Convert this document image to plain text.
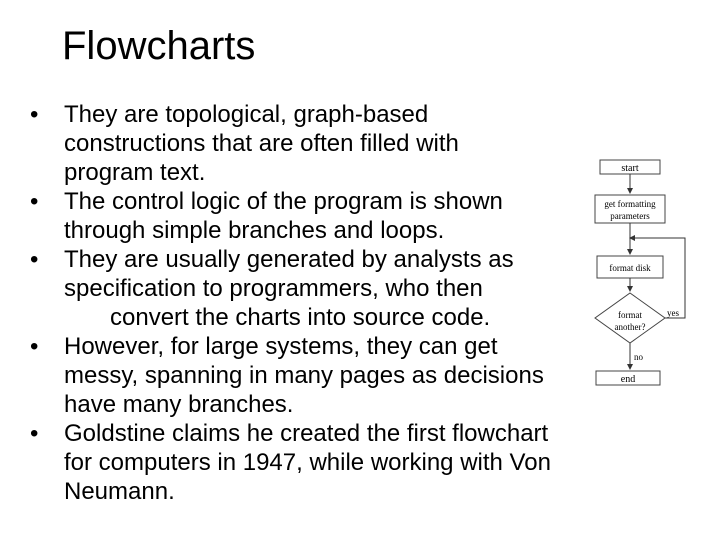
Flowcharts
• They are topological, graph-based
constructions that are often filled with
program text.
• The control logic of the program is shown
through simple branches and loops.
• They are usually generated by analysts as
specification to programmers, who then
convert the charts into source code.
• However, for large systems, they can get
messy, spanning in many pages as decisions
have many branches.
• Goldstine claims he created the first flowchart
for computers in 1947, while working with Von
Neumann.
start
get formatting
parameters
format disk
format
another?
yes
no
end
